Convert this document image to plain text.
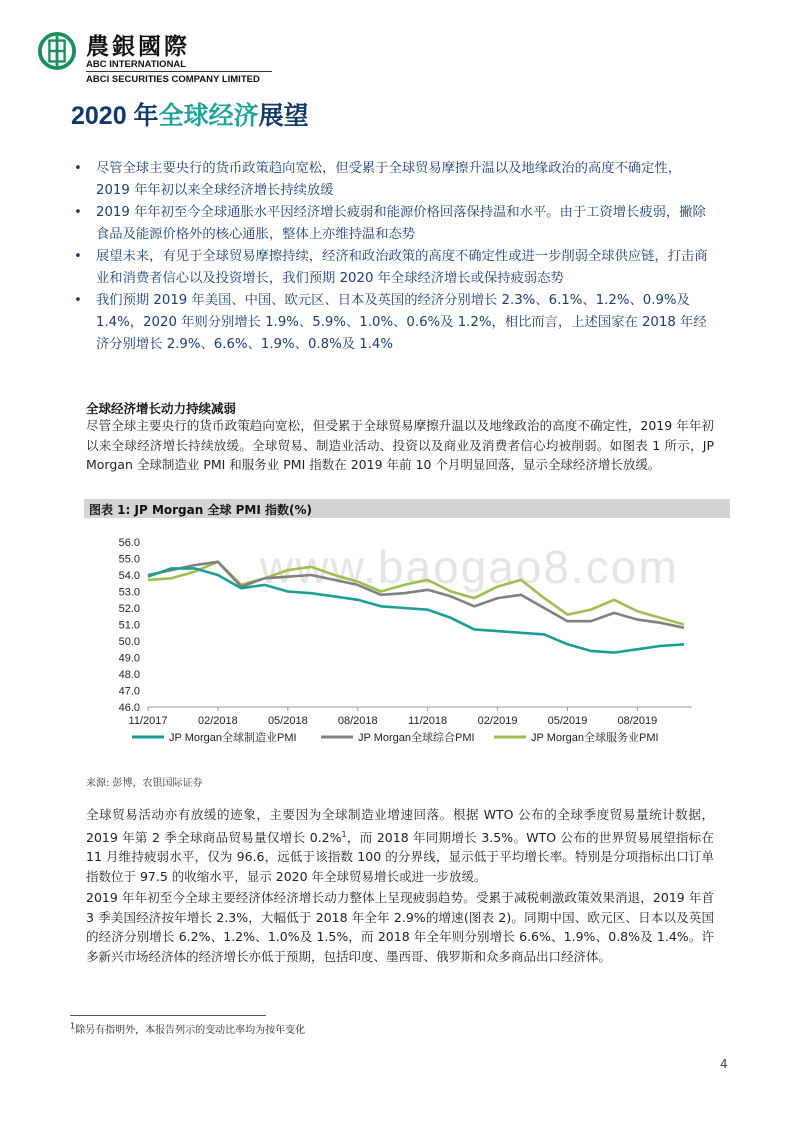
農銀國際
ABC INTERNATIONAL
ABCI SECURITIES COMPANY LIMITED
2020 年全球经济展望
•	尽管全球主要央行的货币政策趋向宽松，但受累于全球贸易摩擦升温以及地缘政治的高度不确定性，2019 年年初以来全球经济增长持续放缓
•	2019 年年初至今全球通胀水平因经济增长疲弱和能源价格回落保持温和水平。由于工资增长疲弱，撇除食品及能源价格外的核心通胀，整体上亦维持温和态势
•	展望未来，有见于全球贸易摩擦持续，经济和政治政策的高度不确定性或进一步削弱全球供应链，打击商业和消费者信心以及投资增长，我们预期 2020 年全球经济增长或保持疲弱态势
•	我们预期 2019 年美国、中国、欧元区、日本及英国的经济分别增长 2.3%、6.1%、1.2%、0.9%及 1.4%，2020 年则分别增长 1.9%、5.9%、1.0%、0.6%及 1.2%，相比而言，上述国家在 2018 年经济分别增长 2.9%、6.6%、1.9%、0.8%及 1.4%
全球经济增长动力持续减弱
尽管全球主要央行的货币政策趋向宽松，但受累于全球贸易摩擦升温以及地缘政治的高度不确定性，2019 年年初以来全球经济增长持续放缓。全球贸易、制造业活动、投资以及商业及消费者信心均被削弱。如图表 1 所示，JP Morgan 全球制造业 PMI 和服务业 PMI 指数在 2019 年前 10 个月明显回落，显示全球经济增长放缓。
图表 1: JP Morgan 全球 PMI 指数(%)
www.baogao8.com
46.0
47.0
48.0
49.0
50.0
51.0
52.0
53.0
54.0
55.0
56.0
11/2017	02/2018	05/2018	08/2018	11/2018	02/2019	05/2019	08/2019
JP Morgan全球制造业PMI	JP Morgan全球综合PMI	JP Morgan全球服务业PMI
来源: 彭博，农银国际证券
全球贸易活动亦有放缓的迹象，主要因为全球制造业增速回落。根据 WTO 公布的全球季度贸易量统计数据，2019 年第 2 季全球商品贸易量仅增长 0.2%$^1$，而 2018 年同期增长 3.5%。WTO 公布的世界贸易展望指标在 11 月维持疲弱水平，仅为 96.6，远低于该指数 100 的分界线，显示低于平均增长率。特别是分项指标出口订单指数位于 97.5 的收缩水平，显示 2020 年全球贸易增长或进一步放缓。
2019 年年初至今全球主要经济体经济增长动力整体上呈现疲弱趋势。受累于减税刺激政策效果消退，2019 年首 3 季美国经济按年增长 2.3%，大幅低于 2018 年全年 2.9%的增速(图表 2)。同期中国、欧元区、日本以及英国的经济分别增长 6.2%、1.2%、1.0%及 1.5%，而 2018 年全年则分别增长 6.6%、1.9%、0.8%及 1.4%。许多新兴市场经济体的经济增长亦低于预期，包括印度、墨西哥、俄罗斯和众多商品出口经济体。
$^1$除另有指明外，本报告列示的变动比率均为按年变化
4
